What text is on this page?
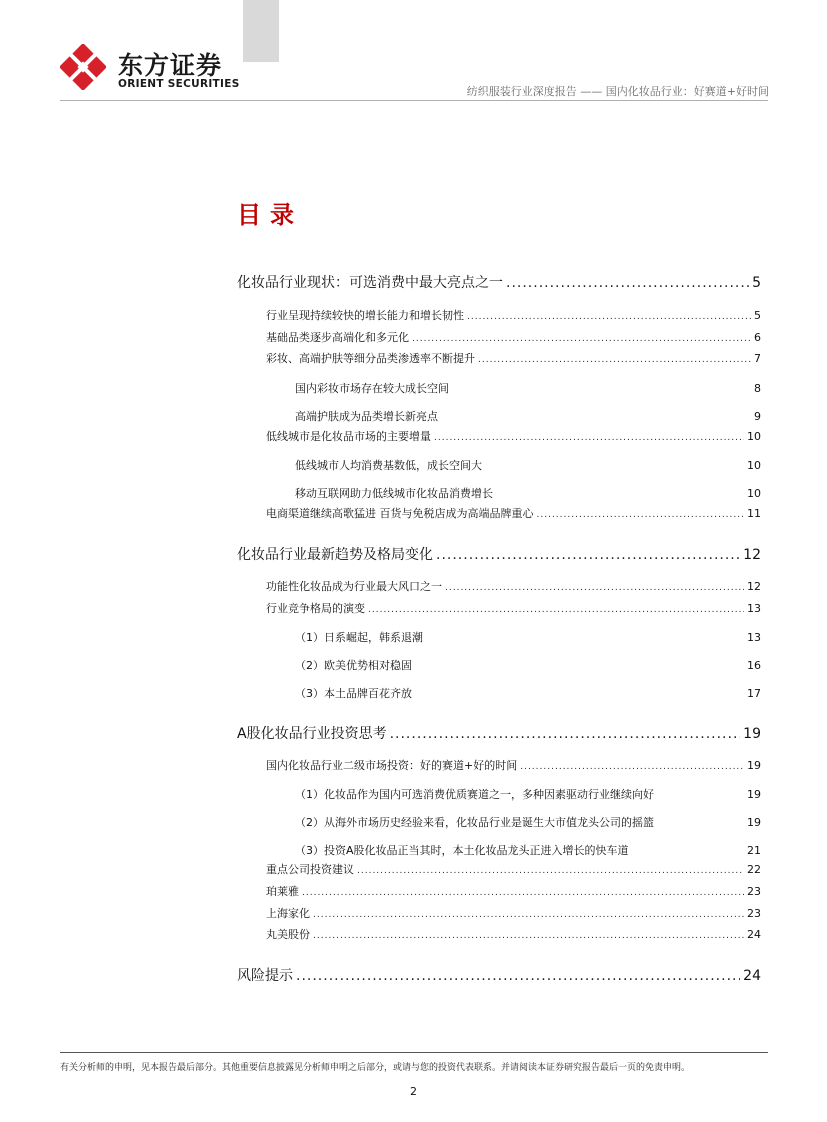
东方证券
ORIENT SECURITIES
纺织服装行业深度报告 —— 国内化妆品行业：好赛道+好时间
目录
化妆品行业现状：可选消费中最大亮点之一 .....	5
行业呈现持续较快的增长能力和增长韧性 .....	5
基础品类逐步高端化和多元化 .....	6
彩妆、高端护肤等细分品类渗透率不断提升 .....	7
国内彩妆市场存在较大成长空间	8
高端护肤成为品类增长新亮点	9
低线城市是化妆品市场的主要增量 .....	10
低线城市人均消费基数低，成长空间大	10
移动互联网助力低线城市化妆品消费增长	10
电商渠道继续高歌猛进 百货与免税店成为高端品牌重心 .....	11
化妆品行业最新趋势及格局变化 .....	12
功能性化妆品成为行业最大风口之一 .....	12
行业竞争格局的演变 .....	13
（1）日系崛起，韩系退潮	13
（2）欧美优势相对稳固	16
（3）本土品牌百花齐放	17
A股化妆品行业投资思考 .....	19
国内化妆品行业二级市场投资：好的赛道+好的时间 .....	19
（1）化妆品作为国内可选消费优质赛道之一，多种因素驱动行业继续向好	19
（2）从海外市场历史经验来看，化妆品行业是诞生大市值龙头公司的摇篮	19
（3）投资A股化妆品正当其时，本土化妆品龙头正进入增长的快车道	21
重点公司投资建议 .....	22
珀莱雅 .....	23
上海家化 .....	23
丸美股份 .....	24
风险提示 .....	24
有关分析师的申明，见本报告最后部分。其他重要信息披露见分析师申明之后部分，或请与您的投资代表联系。并请阅读本证券研究报告最后一页的免责申明。
2
